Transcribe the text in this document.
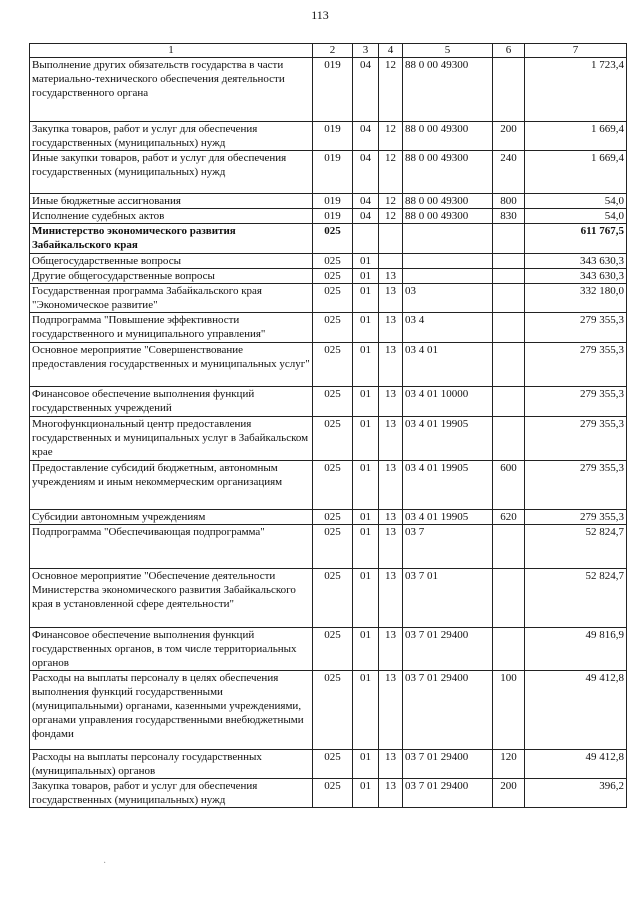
113
1	2	3	4	5	6	7
Выполнение других обязательств государства в части материально-технического обеспечения деятельности государственного органа	019	04	12	88 0 00 49300		1 723,4
Закупка товаров, работ и услуг для обеспечения государственных (муниципальных) нужд	019	04	12	88 0 00 49300	200	1 669,4
Иные закупки товаров, работ и услуг для обеспечения государственных (муниципальных) нужд	019	04	12	88 0 00 49300	240	1 669,4
Иные бюджетные ассигнования	019	04	12	88 0 00 49300	800	54,0
Исполнение судебных актов	019	04	12	88 0 00 49300	830	54,0
Министерство экономического развития Забайкальского края	025					611 767,5
Общегосударственные вопросы	025	01				343 630,3
Другие общегосударственные вопросы	025	01	13			343 630,3
Государственная программа Забайкальского края "Экономическое развитие"	025	01	13	03		332 180,0
Подпрограмма "Повышение эффективности государственного и муниципального управления"	025	01	13	03 4		279 355,3
Основное мероприятие "Совершенствование предоставления государственных и муниципальных услуг"	025	01	13	03 4 01		279 355,3
Финансовое обеспечение выполнения функций государственных учреждений	025	01	13	03 4 01 10000		279 355,3
Многофункциональный центр предоставления государственных и муниципальных услуг в Забайкальском крае	025	01	13	03 4 01 19905		279 355,3
Предоставление субсидий бюджетным, автономным учреждениям и иным некоммерческим организациям	025	01	13	03 4 01 19905	600	279 355,3
Субсидии автономным учреждениям	025	01	13	03 4 01 19905	620	279 355,3
Подпрограмма "Обеспечивающая подпрограмма"	025	01	13	03 7		52 824,7
Основное мероприятие "Обеспечение деятельности Министерства экономического развития Забайкальского края в установленной сфере деятельности"	025	01	13	03 7 01		52 824,7
Финансовое обеспечение выполнения функций государственных органов, в том числе территориальных органов	025	01	13	03 7 01 29400		49 816,9
Расходы на выплаты персоналу в целях обеспечения выполнения функций государственными (муниципальными) органами, казенными учреждениями, органами управления государственными внебюджетными фондами	025	01	13	03 7 01 29400	100	49 412,8
Расходы на выплаты персоналу государственных (муниципальных) органов	025	01	13	03 7 01 29400	120	49 412,8
Закупка товаров, работ и услуг для обеспечения государственных (муниципальных) нужд	025	01	13	03 7 01 29400	200	396,2
·
